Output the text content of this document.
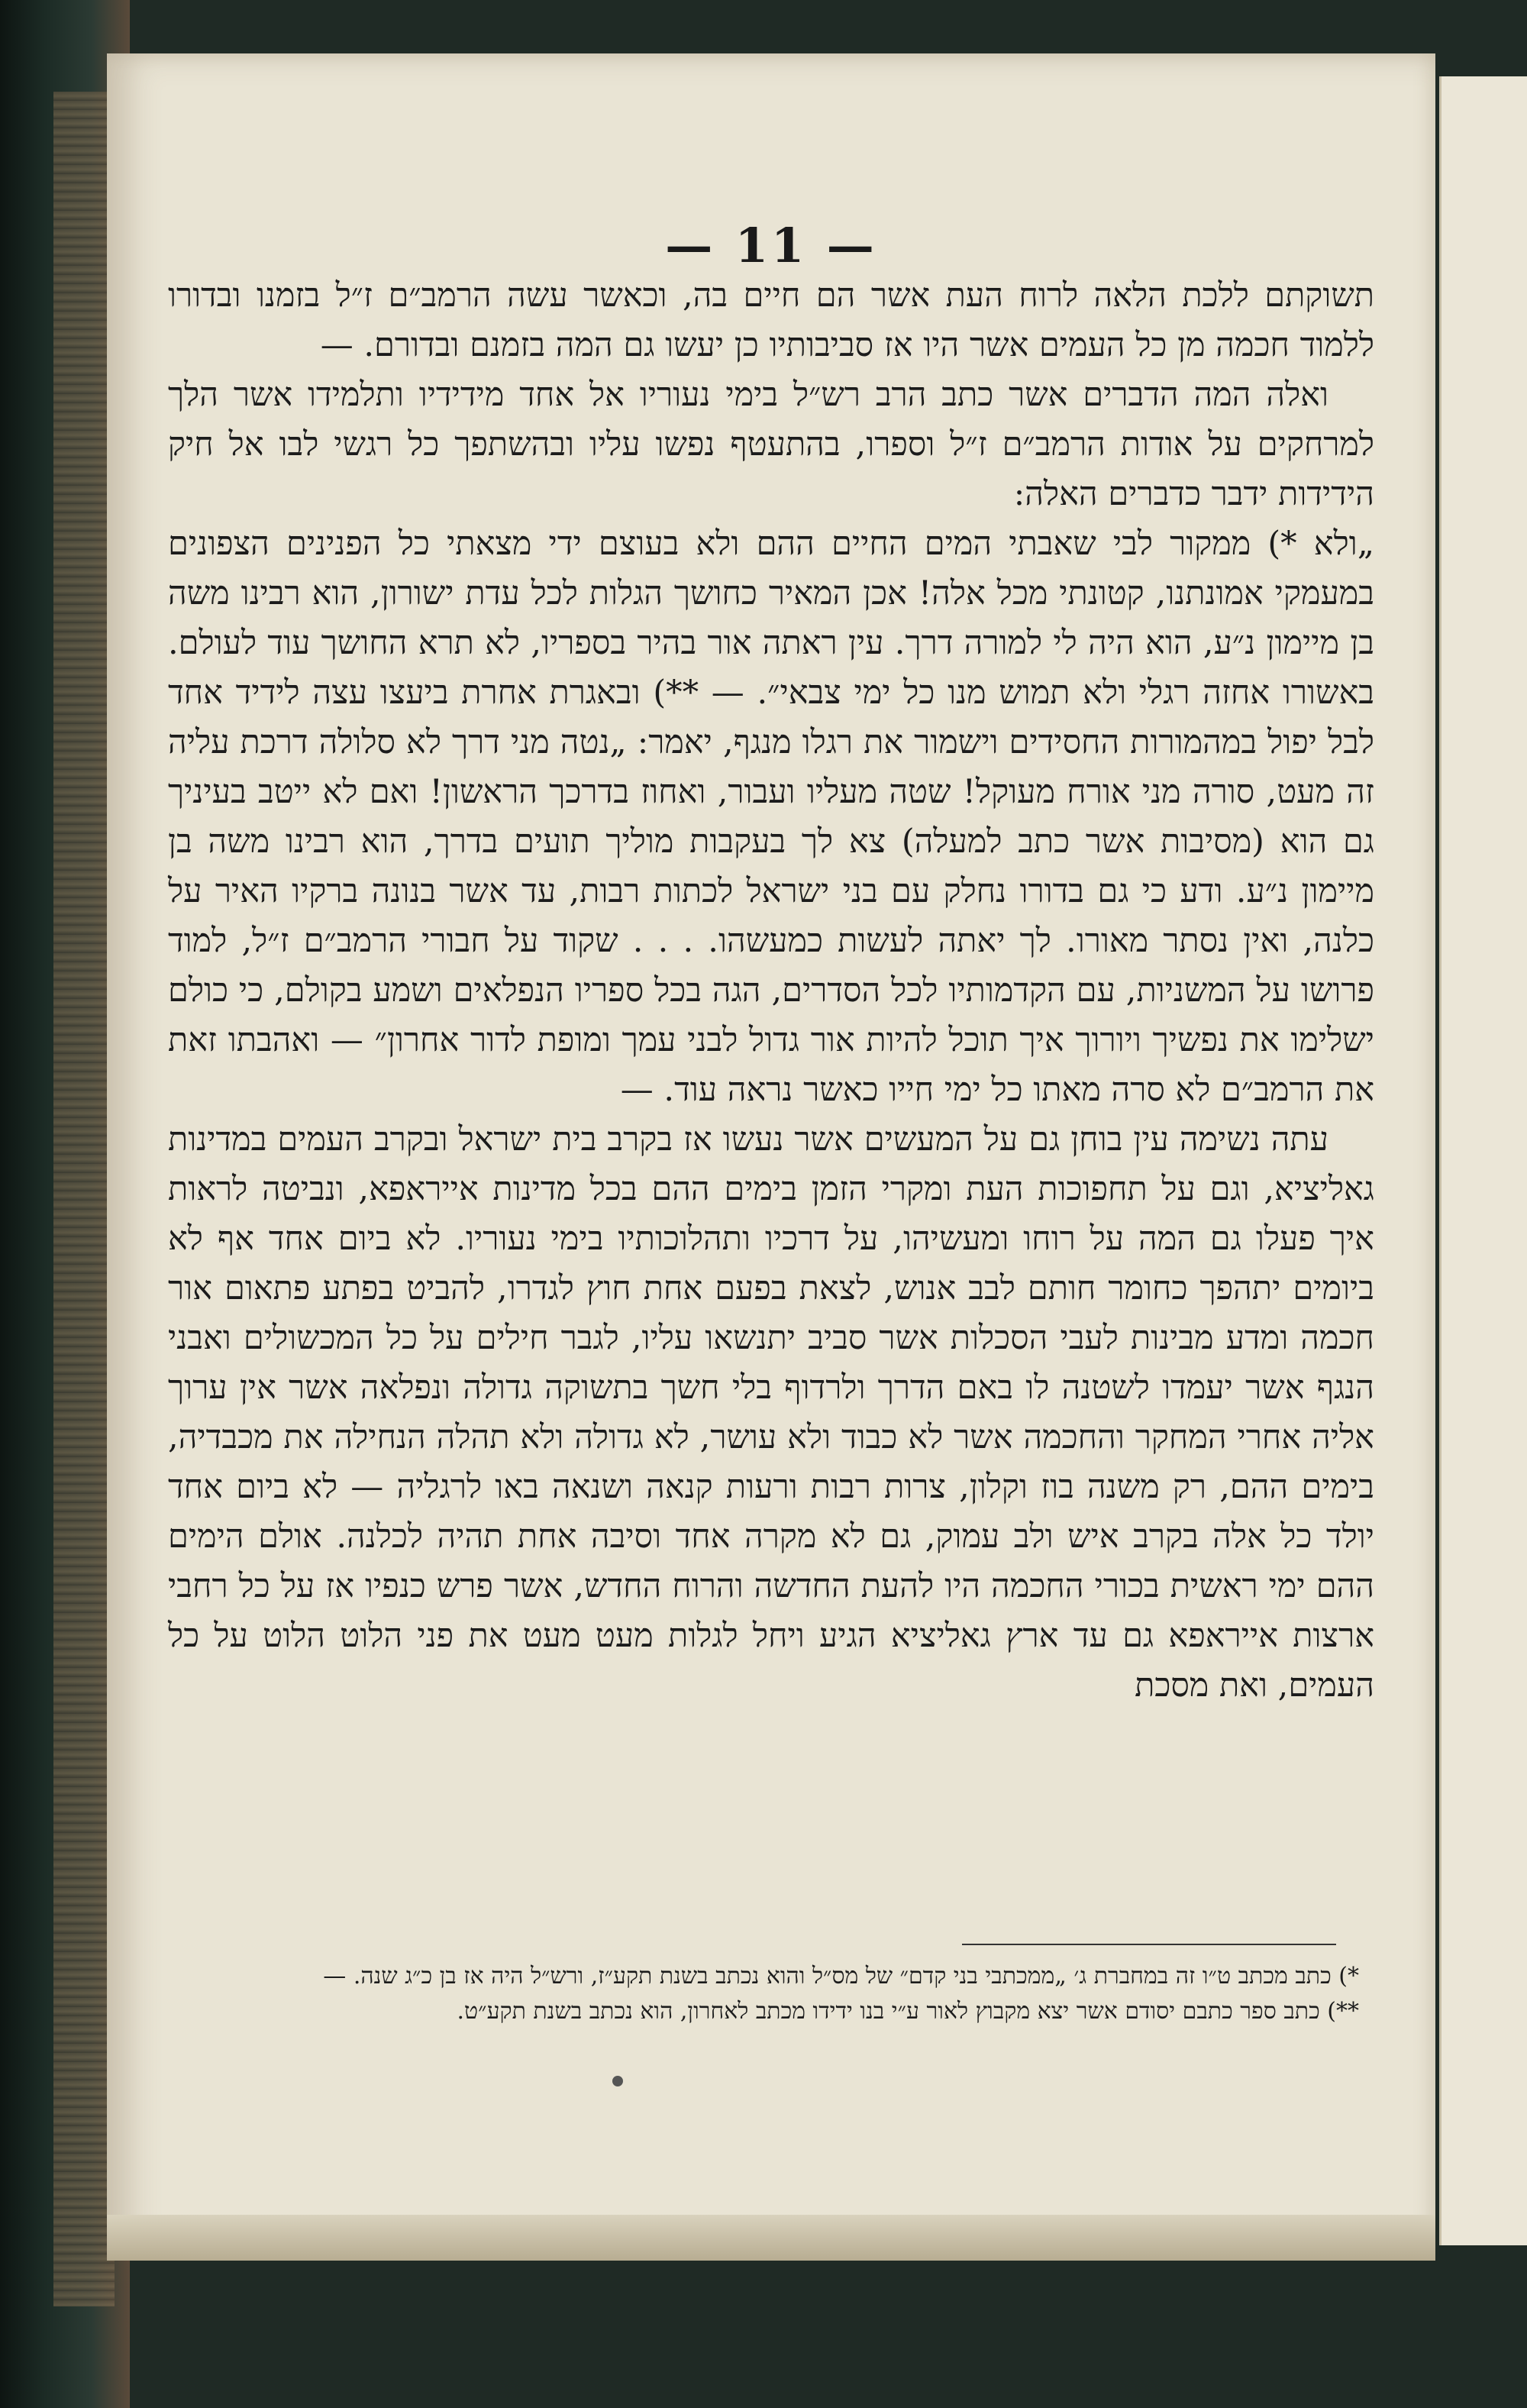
— 11 —

תשוקתם ללכת הלאה לרוח העת אשר הם חיים בה, וכאשר עשה הרמב״ם ז״ל בזמנו ובדורו ללמוד חכמה מן כל העמים אשר היו אז סביבותיו כן יעשו גם המה בזמנם ובדורם. —

ואלה המה הדברים אשר כתב הרב רש״ל בימי נעוריו אל אחד מידידיו ותלמידו אשר הלך למרחקים על אודות הרמב״ם ז״ל וספרו, בהתעטף נפשו עליו ובהשתפך כל רגשי לבו אל חיק הידידות ידבר כדברים האלה:

„ולא *) ממקור לבי שאבתי המים החיים ההם ולא בעוצם ידי מצאתי כל הפנינים הצפונים במעמקי אמונתנו, קטונתי מכל אלה! אכן המאיר כחושך הגלות לכל עדת ישורון, הוא רבינו משה בן מיימון נ״ע, הוא היה לי למורה דרך. עין ראתה אור בהיר בספריו, לא תרא החושך עוד לעולם. באשורו אחזה רגלי ולא תמוש מנו כל ימי צבאי״. — **) ובאגרת אחרת ביעצו עצה לידיד אחד לבל יפול במהמורות החסידים וישמור את רגלו מנגף, יאמר: „נטה מני דרך לא סלולה דרכת עליה זה מעט, סורה מני אורח מעוקל! שטה מעליו ועבור, ואחוז בדרכך הראשון! ואם לא ייטב בעיניך גם הוא (מסיבות אשר כתב למעלה) צא לך בעקבות מוליך תועים בדרך, הוא רבינו משה בן מיימון נ״ע. ודע כי גם בדורו נחלק עם בני ישראל לכתות רבות, עד אשר בנונה ברקיו האיר על כלנה, ואין נסתר מאורו. לך יאתה לעשות כמעשהו. . . . שקוד על חבורי הרמב״ם ז״ל, למוד פרושו על המשניות, עם הקדמותיו לכל הסדרים, הגה בכל ספריו הנפלאים ושמע בקולם, כי כולם ישלימו את נפשיך ויורוך איך תוכל להיות אור גדול לבני עמך ומופת לדור אחרון״ — ואהבתו זאת את הרמב״ם לא סרה מאתו כל ימי חייו כאשר נראה עוד. —

עתה נשימה עין בוחן גם על המעשים אשר נעשו אז בקרב בית ישראל ובקרב העמים במדינות גאליציא, וגם על תחפוכות העת ומקרי הזמן בימים ההם בכל מדינות אייראפא, ונביטה לראות איך פעלו גם המה על רוחו ומעשיהו, על דרכיו ותהלוכותיו בימי נעוריו. לא ביום אחד אף לא ביומים יתהפך כחומר חותם לבב אנוש, לצאת בפעם אחת חוץ לגדרו, להביט בפתע פתאום אור חכמה ומדע מבינות לעבי הסכלות אשר סביב יתנשאו עליו, לגבר חילים על כל המכשולים ואבני הנגף אשר יעמדו לשטנה לו באם הדרך ולרדוף בלי חשך בתשוקה גדולה ונפלאה אשר אין ערוך אליה אחרי המחקר והחכמה אשר לא כבוד ולא עושר, לא גדולה ולא תהלה הנחילה את מכבדיה, בימים ההם, רק משנה בוז וקלון, צרות רבות ורעות קנאה ושנאה באו לרגליה — לא ביום אחד יולד כל אלה בקרב איש ולב עמוק, גם לא מקרה אחד וסיבה אחת תהיה לכלנה. אולם הימים ההם ימי ראשית בכורי החכמה היו להעת החדשה והרוח החדש, אשר פרש כנפיו אז על כל רחבי ארצות אייראפא גם עד ארץ גאליציא הגיע ויחל לגלות מעט מעט את פני הלוט הלוט על כל העמים, ואת מסכת

*) כתב מכתב ט״ו זה במחברת ג׳ „ממכתבי בני קדם״ של מס״ל והוא נכתב בשנת תקע״ז, ורש״ל היה אז בן כ״ג שנה. —

**) כתב ספר כתבם יסודם אשר יצא מקבוץ לאור ע״י בנו ידידו מכתב לאחרון, הוא נכתב בשנת תקע״ט.
